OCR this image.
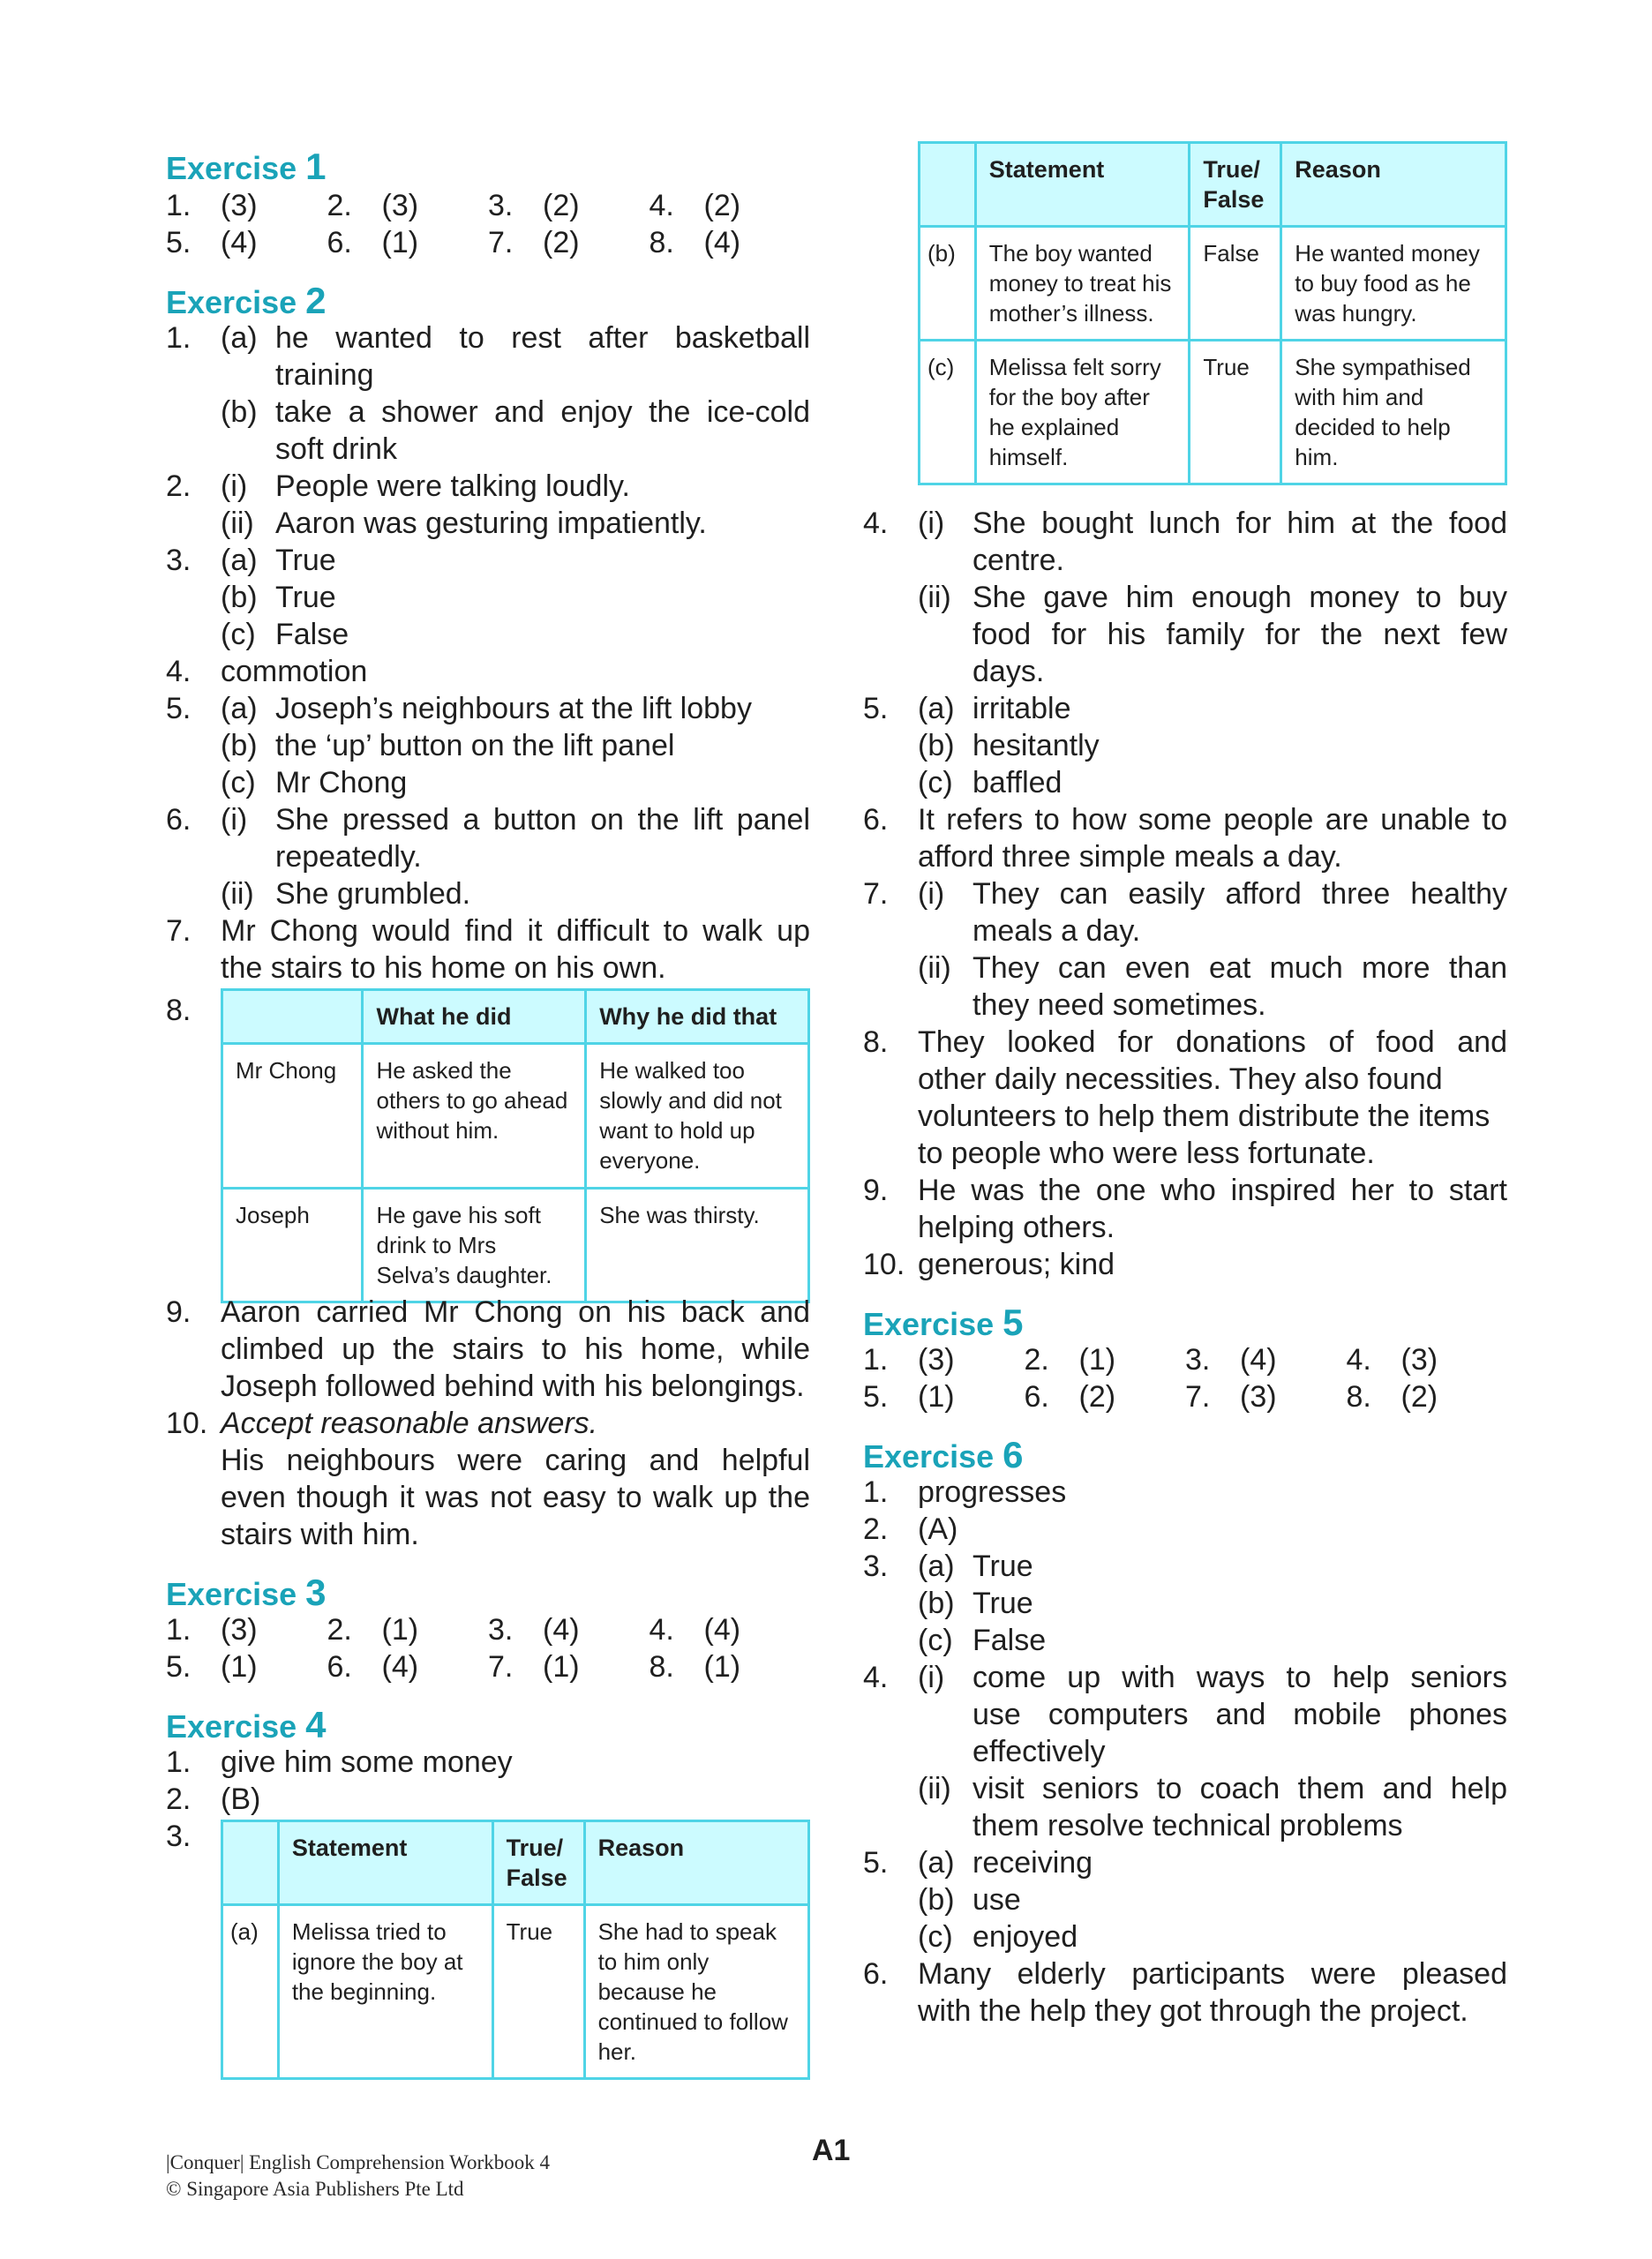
Exercise 1
1. (3) 2. (3) 3. (2) 4. (2)
5. (4) 6. (1) 7. (2) 8. (4)
Exercise 2
1. (a) he wanted to rest after basketball
training
(b) take a shower and enjoy the ice-cold
soft drink
2. (i) People were talking loudly.
(ii) Aaron was gesturing impatiently.
3. (a) True
(b) True
(c) False
4. commotion
5. (a) Joseph’s neighbours at the lift lobby
(b) the ‘up’ button on the lift panel
(c) Mr Chong
6. (i) She pressed a button on the lift panel
repeatedly.
(ii) She grumbled.
7. Mr Chong would find it difficult to walk up
the stairs to his home on his own.
8.
		What he did	Why he did that
Mr Chong	He asked the others to go ahead without him.	He walked too slowly and did not want to hold up everyone.
Joseph	He gave his soft drink to Mrs Selva’s daughter.	She was thirsty.
9. Aaron carried Mr Chong on his back and
climbed up the stairs to his home, while
Joseph followed behind with his belongings.
10. Accept reasonable answers.
His neighbours were caring and helpful
even though it was not easy to walk up the
stairs with him.
Exercise 3
1. (3) 2. (1) 3. (4) 4. (4)
5. (1) 6. (4) 7. (1) 8. (1)
Exercise 4
1. give him some money
2. (B)
3.
		Statement	True/ False	Reason
(a)	Melissa tried to ignore the boy at the beginning.	True	She had to speak to him only because he continued to follow her.
	Statement	True/ False	Reason
(b)	The boy wanted money to treat his mother’s illness.	False	He wanted money to buy food as he was hungry.
(c)	Melissa felt sorry for the boy after he explained himself.	True	She sympathised with him and decided to help him.
4. (i) She bought lunch for him at the food
centre.
(ii) She gave him enough money to buy
food for his family for the next few
days.
5. (a) irritable
(b) hesitantly
(c) baffled
6. It refers to how some people are unable to
afford three simple meals a day.
7. (i) They can easily afford three healthy
meals a day.
(ii) They can even eat much more than
they need sometimes.
8. They looked for donations of food and
other daily necessities. They also found
volunteers to help them distribute the items
to people who were less fortunate.
9. He was the one who inspired her to start
helping others.
10. generous; kind
Exercise 5
1. (3) 2. (1) 3. (4) 4. (3)
5. (1) 6. (2) 7. (3) 8. (2)
Exercise 6
1. progresses
2. (A)
3. (a) True
(b) True
(c) False
4. (i) come up with ways to help seniors
use computers and mobile phones
effectively
(ii) visit seniors to coach them and help
them resolve technical problems
5. (a) receiving
(b) use
(c) enjoyed
6. Many elderly participants were pleased
with the help they got through the project.
|Conquer| English Comprehension Workbook 4
© Singapore Asia Publishers Pte Ltd
A1
